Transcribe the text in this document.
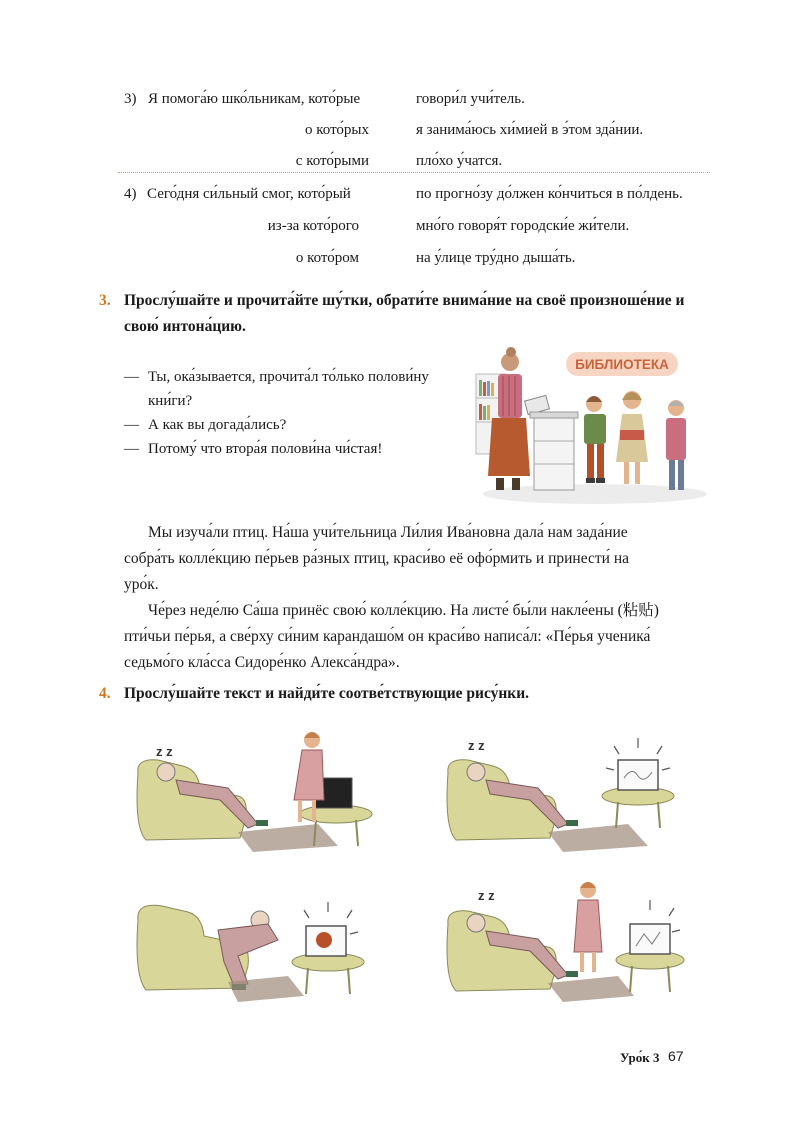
3) Я помога́ю шко́льникам, кото́рые
о кото́рых
с кото́рыми
говори́л учи́тель.
я занима́юсь хи́мией в э́том зда́нии.
пло́хо у́чатся.
4) Сего́дня си́льный смог, кото́рый
из-за кото́рого
о кото́ром
по прогно́зу до́лжен ко́нчиться в по́лдень.
мно́го говоря́т городски́е жи́тели.
на у́лице тру́дно дыша́ть.
3. Прослу́шайте и прочита́йте шу́тки, обрати́те внима́ние на своё произноше́ние и
свою́ интона́цию.
— Ты, ока́зывается, прочита́л то́лько полови́ну
кни́ги?
— А как вы догада́лись?
— Потому́ что втора́я полови́на чи́стая!
БИБЛИОТЕКА
Мы изуча́ли птиц. На́ша учи́тельница Ли́лия Ива́новна дала́ нам зада́ние
собра́ть колле́кцию пе́рьев ра́зных птиц, краси́во её офо́рмить и принести́ на
уро́к.
Че́рез неде́лю Са́ша принёс свою́ колле́кцию. На листе́ бы́ли накле́ены (粘贴)
пти́чьи пе́рья, а све́рху си́ним карандашо́м он краси́во написа́л: «Пе́рья ученика́
седьмо́го кла́сса Сидоре́нко Алекса́ндра».
4. Прослу́шайте текст и найди́те соотве́тствующие рису́нки.
z z	z z
z z
Уро́к 3 67
